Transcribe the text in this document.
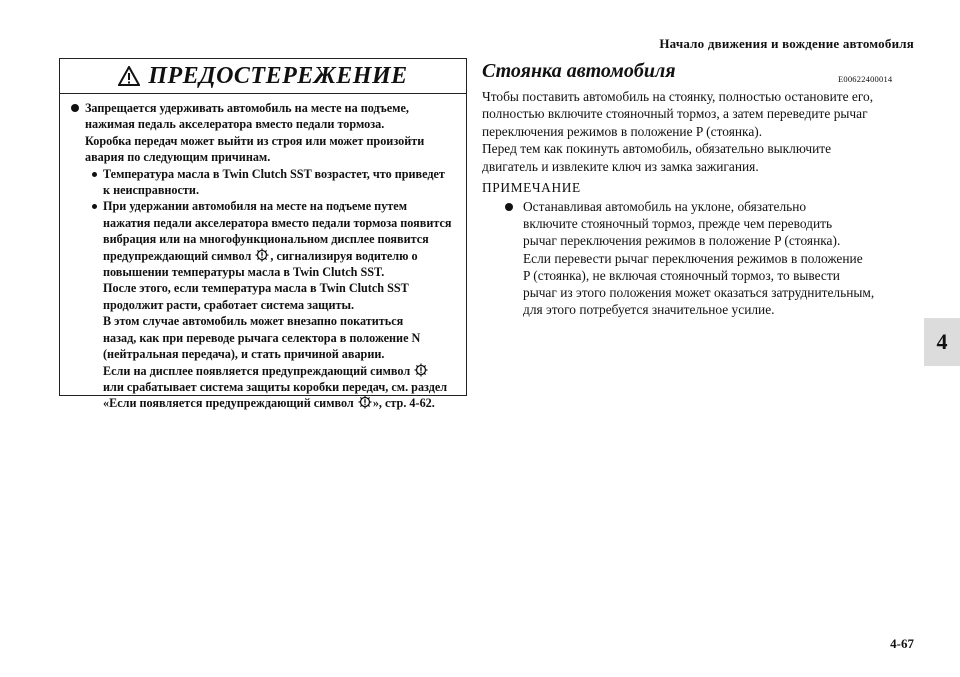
Начало движения и вождение автомобиля
ПРЕДОСТЕРЕЖЕНИЕ
Запрещается удерживать автомобиль на месте на подъеме,
нажимая педаль акселератора вместо педали тормоза.
Коробка передач может выйти из строя или может произойти
авария по следующим причинам.
Температура масла в Twin Clutch SST возрастет, что приведет
к неисправности.
При удержании автомобиля на месте на подъеме путем
нажатия педали акселератора вместо педали тормоза появится
вибрация или на многофункциональном дисплее появится
предупреждающий символ , сигнализируя водителю о
повышении температуры масла в Twin Clutch SST.
После этого, если температура масла в Twin Clutch SST
продолжит расти, сработает система защиты.
В этом случае автомобиль может внезапно покатиться
назад, как при переводе рычага селектора в положение N
(нейтральная передача), и стать причиной аварии.
Если на дисплее появляется предупреждающий символ
или срабатывает система защиты коробки передач, см. раздел
«Если появляется предупреждающий символ », стр. 4-62.
Стоянка автомобиля	E00622400014
Чтобы поставить автомобиль на стоянку, полностью остановите его,
полностью включите стояночный тормоз, а затем переведите рычаг
переключения режимов в положение P (стоянка).
Перед тем как покинуть автомобиль, обязательно выключите
двигатель и извлеките ключ из замка зажигания.
ПРИМЕЧАНИЕ
Останавливая автомобиль на уклоне, обязательно
включите стояночный тормоз, прежде чем переводить
рычаг переключения режимов в положение P (стоянка).
Если перевести рычаг переключения режимов в положение
P (стоянка), не включая стояночный тормоз, то вывести
рычаг из этого положения может оказаться затруднительным,
для этого потребуется значительное усилие.
4
4-67
